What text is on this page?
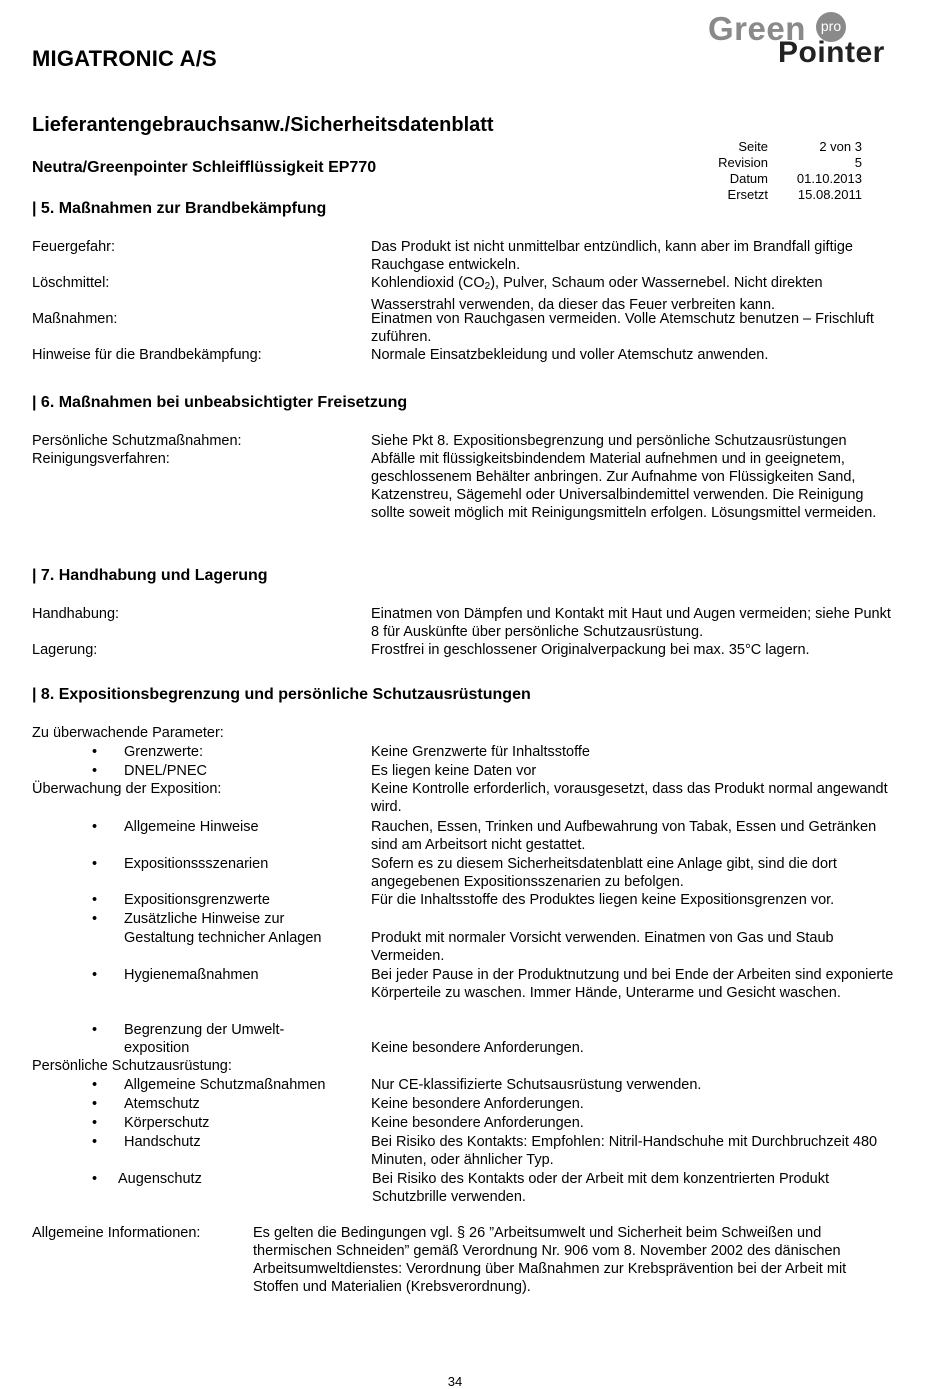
MIGATRONIC A/S
Green	pro
Pointer
Lieferantengebrauchsanw./Sicherheitsdatenblatt
Neutra/Greenpointer Schleifflüssigkeit EP770
Seite	2 von 3
Revision	5
Datum	01.10.2013
Ersetzt	15.08.2011
| 5. Maßnahmen zur Brandbekämpfung
Feuergefahr:	Das Produkt ist nicht unmittelbar entzündlich, kann aber im Brandfall giftige Rauchgase entwickeln.
Löschmittel:	Kohlendioxid $(CO_2)$, Pulver, Schaum oder Wassernebel. Nicht direkten Wasserstrahl verwenden, da dieser das Feuer verbreiten kann.
Maßnahmen:	Einatmen von Rauchgasen vermeiden. Volle Atemschutz benutzen – Frischluft zuführen.
Hinweise für die Brandbekämpfung:	Normale Einsatzbekleidung und voller Atemschutz anwenden.
| 6. Maßnahmen bei unbeabsichtigter Freisetzung
Persönliche Schutzmaßnahmen:	Siehe Pkt 8. Expositionsbegrenzung und persönliche Schutzausrüstungen
Reinigungsverfahren:	Abfälle mit flüssigkeitsbindendem Material aufnehmen und in geeignetem, geschlossenem Behälter anbringen. Zur Aufnahme von Flüssigkeiten Sand, Katzenstreu, Sägemehl oder Universalbindemittel verwenden. Die Reinigung sollte soweit möglich mit Reinigungsmitteln erfolgen. Lösungsmittel vermeiden.
| 7. Handhabung und Lagerung
Handhabung:	Einatmen von Dämpfen und Kontakt mit Haut und Augen vermeiden; siehe Punkt 8 für Auskünfte über persönliche Schutzausrüstung.
Lagerung:	Frostfrei in geschlossener Originalverpackung bei max. 35°C lagern.
| 8. Expositionsbegrenzung und persönliche Schutzausrüstungen
Zu überwachende Parameter:
• Grenzwerte:	Keine Grenzwerte für Inhaltsstoffe
• DNEL/PNEC	Es liegen keine Daten vor
Überwachung der Exposition:	Keine Kontrolle erforderlich, vorausgesetzt, dass das Produkt normal angewandt wird.
• Allgemeine Hinweise	Rauchen, Essen, Trinken und Aufbewahrung von Tabak, Essen und Getränken sind am Arbeitsort nicht gestattet.
• Expositionssszenarien	Sofern es zu diesem Sicherheitsdatenblatt eine Anlage gibt, sind die dort angegebenen Expositionsszenarien zu befolgen.
• Expositionsgrenzwerte	Für die Inhaltsstoffe des Produktes liegen keine Expositionsgrenzen vor.
• Zusätzliche Hinweise zur
Gestaltung technicher Anlagen	Produkt mit normaler Vorsicht verwenden. Einatmen von Gas und Staub Vermeiden.
• Hygienemaßnahmen	Bei jeder Pause in der Produktnutzung und bei Ende der Arbeiten sind exponierte Körperteile zu waschen. Immer Hände, Unterarme und Gesicht waschen.
• Begrenzung der Umwelt-
exposition	Keine besondere Anforderungen.
Persönliche Schutzausrüstung:
• Allgemeine Schutzmaßnahmen	Nur CE-klassifizierte Schutsausrüstung verwenden.
• Atemschutz	Keine besondere Anforderungen.
• Körperschutz	Keine besondere Anforderungen.
• Handschutz	Bei Risiko des Kontakts: Empfohlen: Nitril-Handschuhe mit Durchbruchzeit 480 Minuten, oder ähnlicher Typ.
• Augenschutz	Bei Risiko des Kontakts oder der Arbeit mit dem konzentrierten Produkt Schutzbrille verwenden.
Allgemeine Informationen:	Es gelten die Bedingungen vgl. § 26 ”Arbeitsumwelt und Sicherheit beim Schweißen und thermischen Schneiden” gemäß Verordnung Nr. 906 vom 8. November 2002 des dänischen Arbeitsumweltdienstes: Verordnung über Maßnahmen zur Krebsprävention bei der Arbeit mit Stoffen und Materialien (Krebsverordnung).
34
